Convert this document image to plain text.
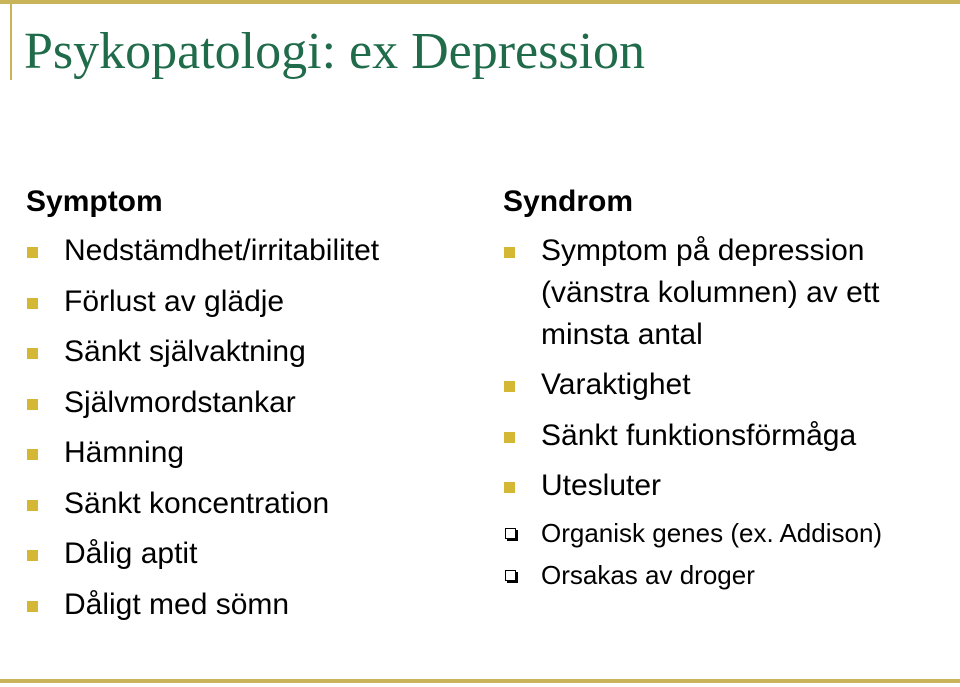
Psykopatologi: ex Depression
Symptom
Nedstämdhet/irritabilitet
Förlust av glädje
Sänkt självaktning
Självmordstankar
Hämning
Sänkt koncentration
Dålig aptit
Dåligt med sömn
Syndrom
Symptom på depression (vänstra kolumnen) av ett minsta antal
Varaktighet
Sänkt funktionsförmåga
Utesluter
Organisk genes (ex. Addison)
Orsakas av droger
